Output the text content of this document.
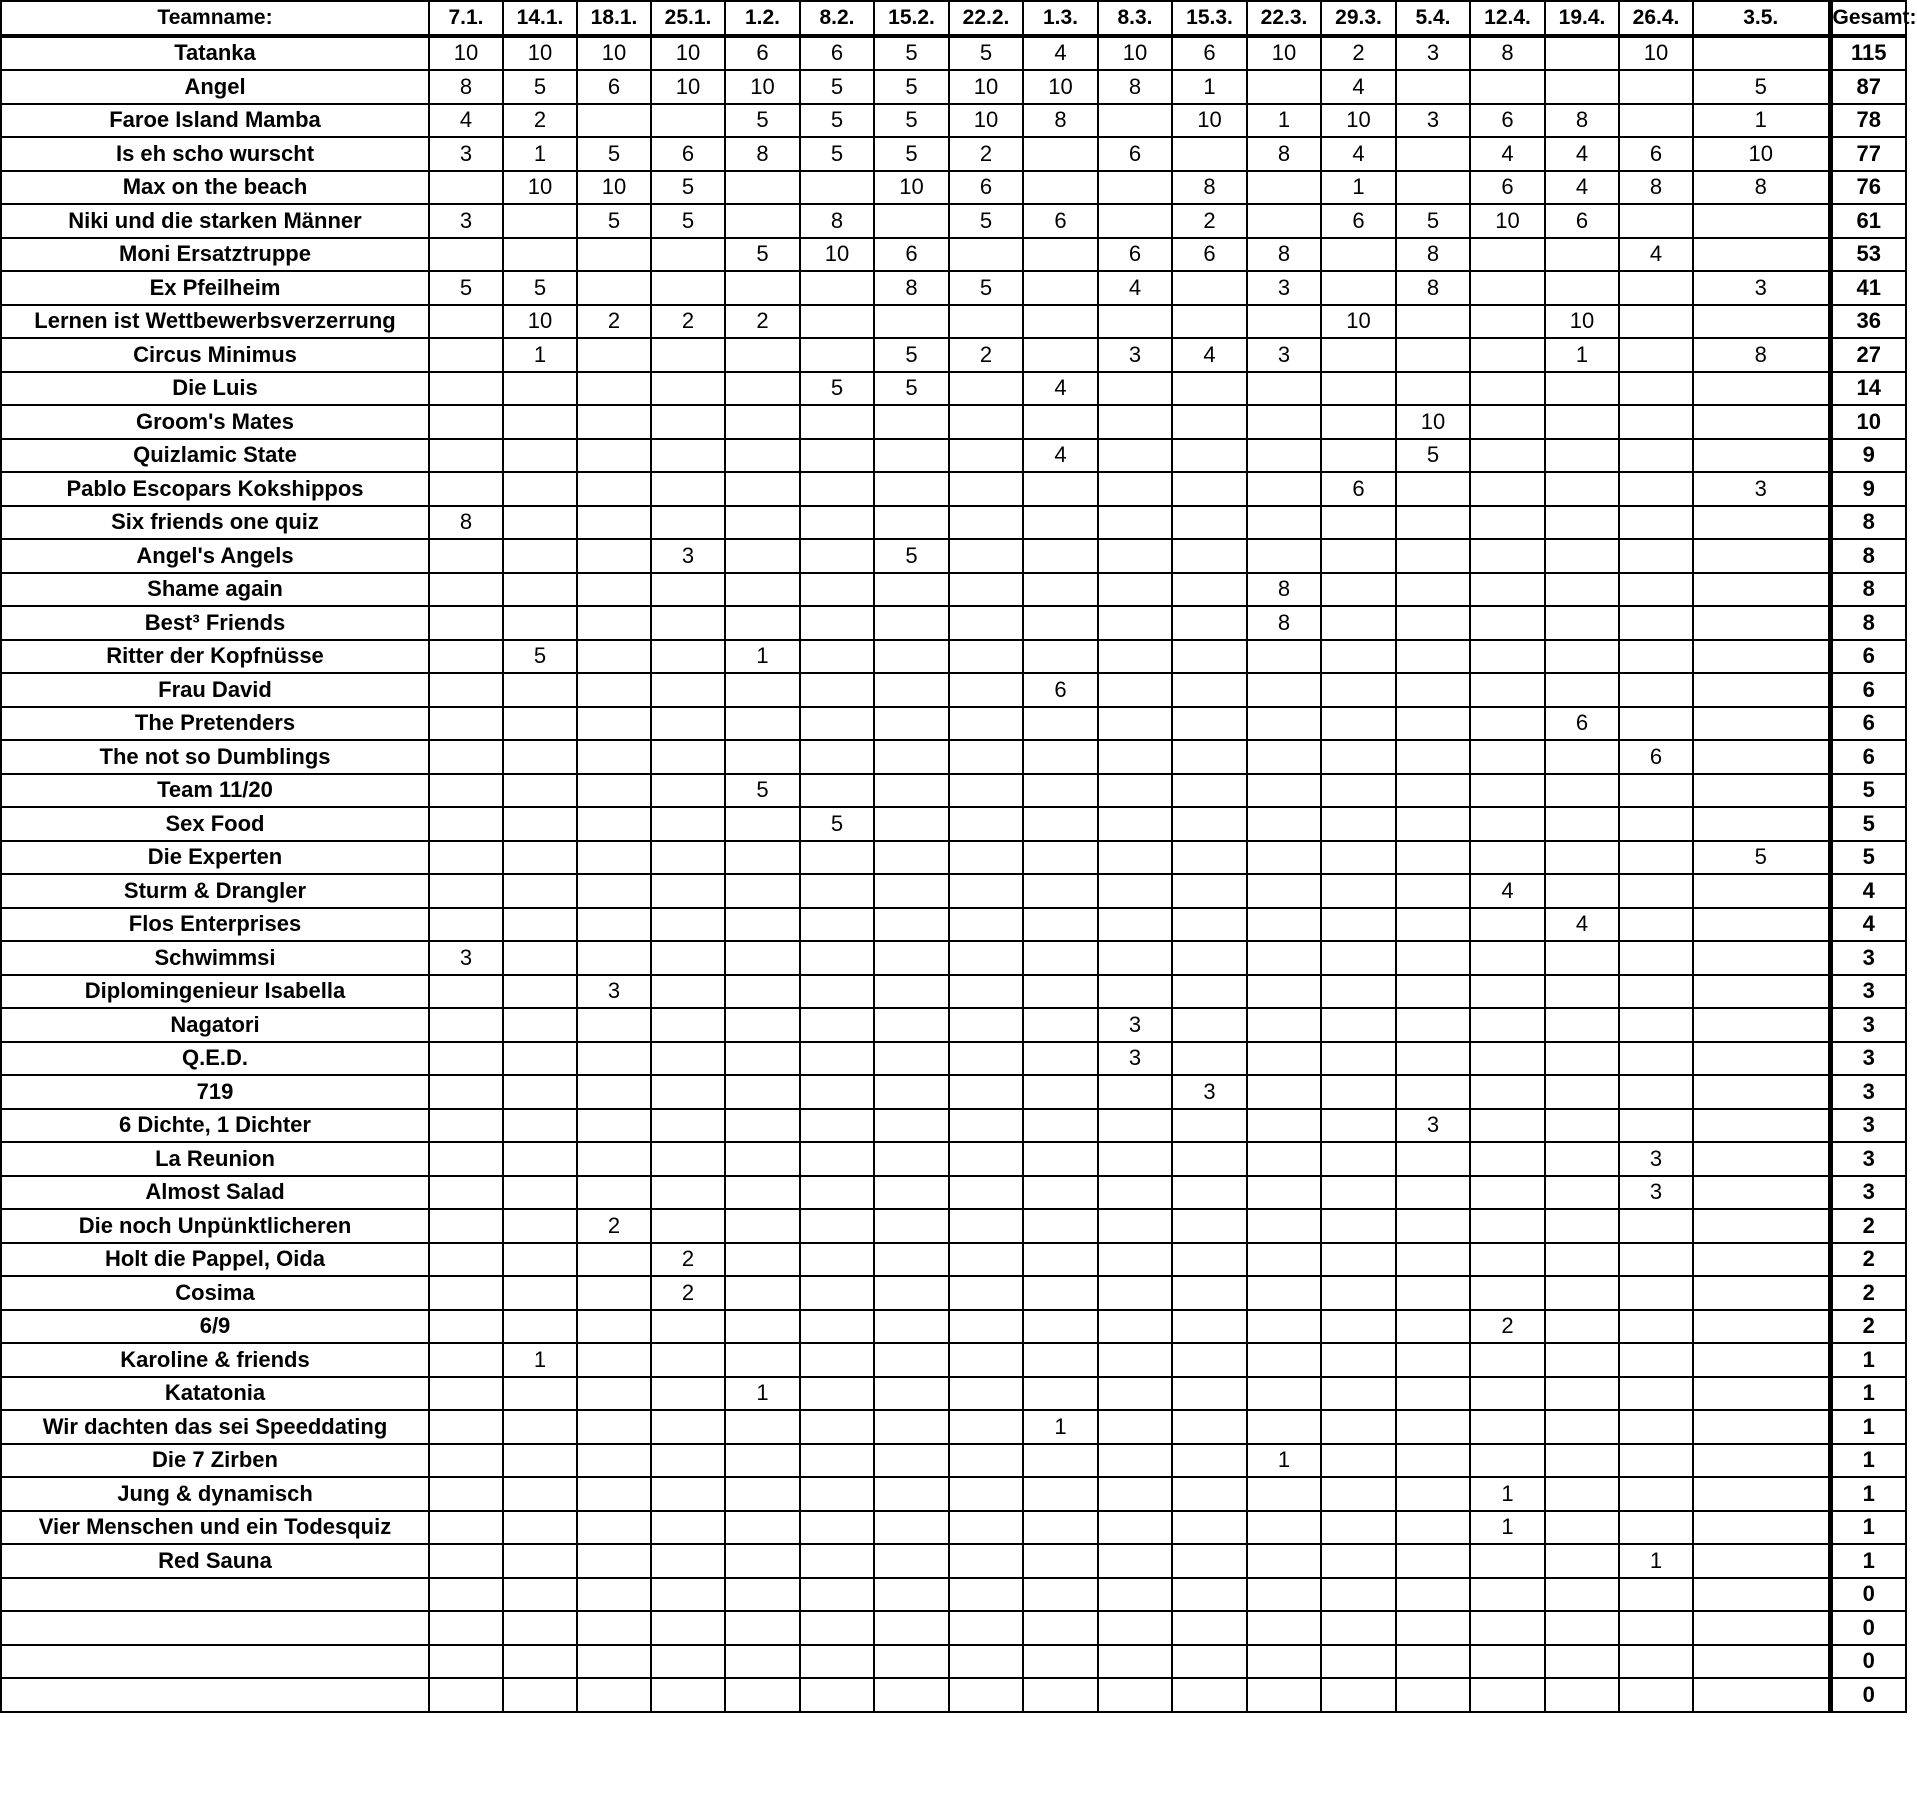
Teamname:	7.1.	14.1.	18.1.	25.1.	1.2.	8.2.	15.2.	22.2.	1.3.	8.3.	15.3.	22.3.	29.3.	5.4.	12.4.	19.4.	26.4.	3.5.	Gesamt:
Tatanka	10	10	10	10	6	6	5	5	4	10	6	10	2	3	8		10		115
Angel	8	5	6	10	10	5	5	10	10	8	1		4					5	87
Faroe Island Mamba	4	2			5	5	5	10	8		10	1	10	3	6	8		1	78
Is eh scho wurscht	3	1	5	6	8	5	5	2		6		8	4		4	4	6	10	77
Max on the beach		10	10	5			10	6			8		1		6	4	8	8	76
Niki und die starken Männer	3		5	5		8		5	6		2		6	5	10	6			61
Moni Ersatztruppe					5	10	6			6	6	8		8			4		53
Ex Pfeilheim	5	5					8	5		4		3		8				3	41
Lernen ist Wettbewerbsverzerrung		10	2	2	2								10			10			36
Circus Minimus		1					5	2		3	4	3				1		8	27
Die Luis						5	5		4										14
Groom's Mates														10					10
Quizlamic State									4					5					9
Pablo Escopars Kokshippos													6					3	9
Six friends one quiz	8																		8
Angel's Angels				3			5												8
Shame again												8							8
Best³ Friends												8							8
Ritter der Kopfnüsse		5			1														6
Frau David									6										6
The Pretenders																6			6
The not so Dumblings																	6		6
Team 11/20					5														5
Sex Food						5													5
Die Experten																		5	5
Sturm & Drangler															4				4
Flos Enterprises																4			4
Schwimmsi	3																		3
Diplomingenieur Isabella			3																3
Nagatori										3									3
Q.E.D.										3									3
719											3								3
6 Dichte, 1 Dichter														3					3
La Reunion																	3		3
Almost Salad																	3		3
Die noch Unpünktlicheren			2																2
Holt die Pappel, Oida				2															2
Cosima				2															2
6/9															2				2
Karoline & friends		1																	1
Katatonia					1														1
Wir dachten das sei Speeddating									1										1
Die 7 Zirben												1							1
Jung & dynamisch															1				1
Vier Menschen und ein Todesquiz															1				1
Red Sauna																	1		1
																			0
																			0
																			0
																			0
